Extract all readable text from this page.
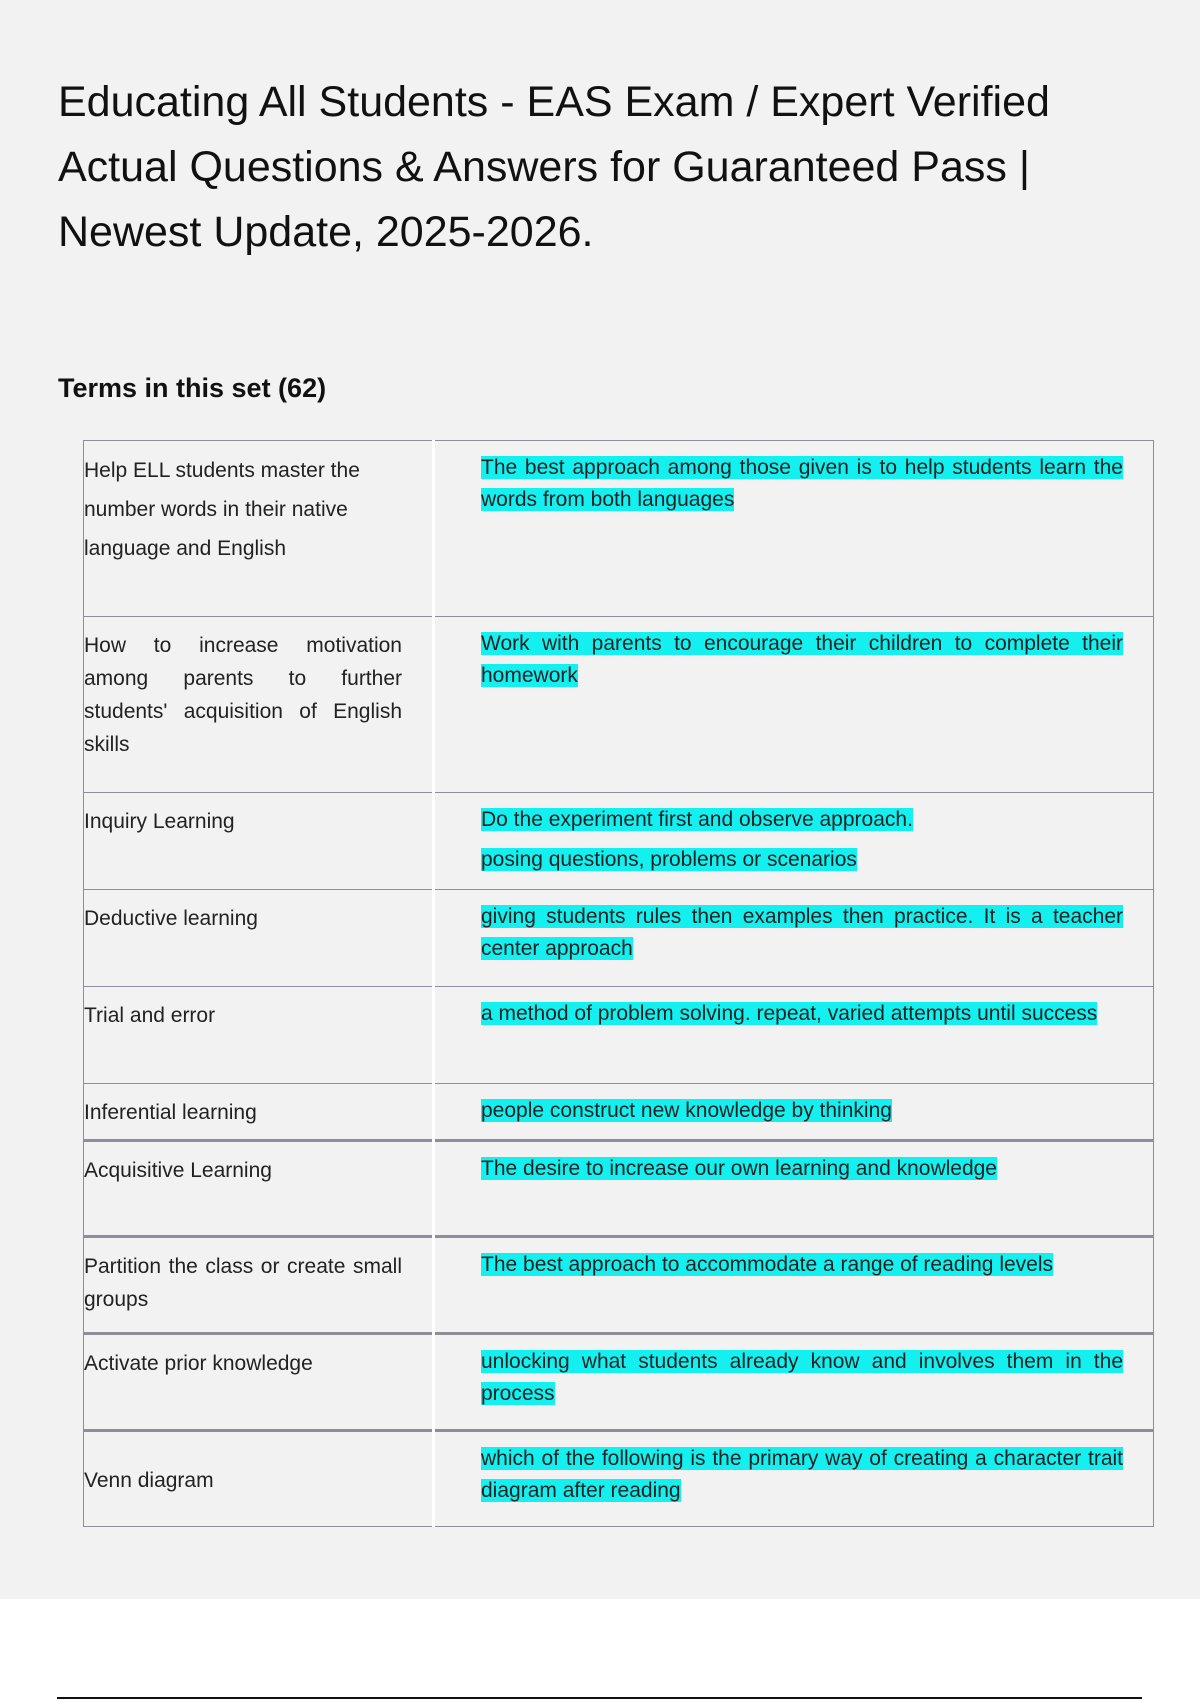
Educating All Students - EAS Exam / Expert Verified Actual Questions & Answers for Guaranteed Pass | Newest Update, 2025-2026.
Terms in this set (62)
Help ELL students master the number words in their native language and English	The best approach among those given is to help students learn the words from both languages
How to increase motivation among parents to further students' acquisition of English skills	Work with parents to encourage their children to complete their homework
Inquiry Learning	Do the experiment first and observe approach.
posing questions, problems or scenarios

Deductive learning	giving students rules then examples then practice. It is a teacher center approach
Trial and error	a method of problem solving. repeat, varied attempts until success
Inferential learning	people construct new knowledge by thinking
Acquisitive Learning	The desire to increase our own learning and knowledge
Partition the class or create small groups	The best approach to accommodate a range of reading levels
Activate prior knowledge	unlocking what students already know and involves them in the process
Venn diagram	which of the following is the primary way of creating a character trait diagram after reading
